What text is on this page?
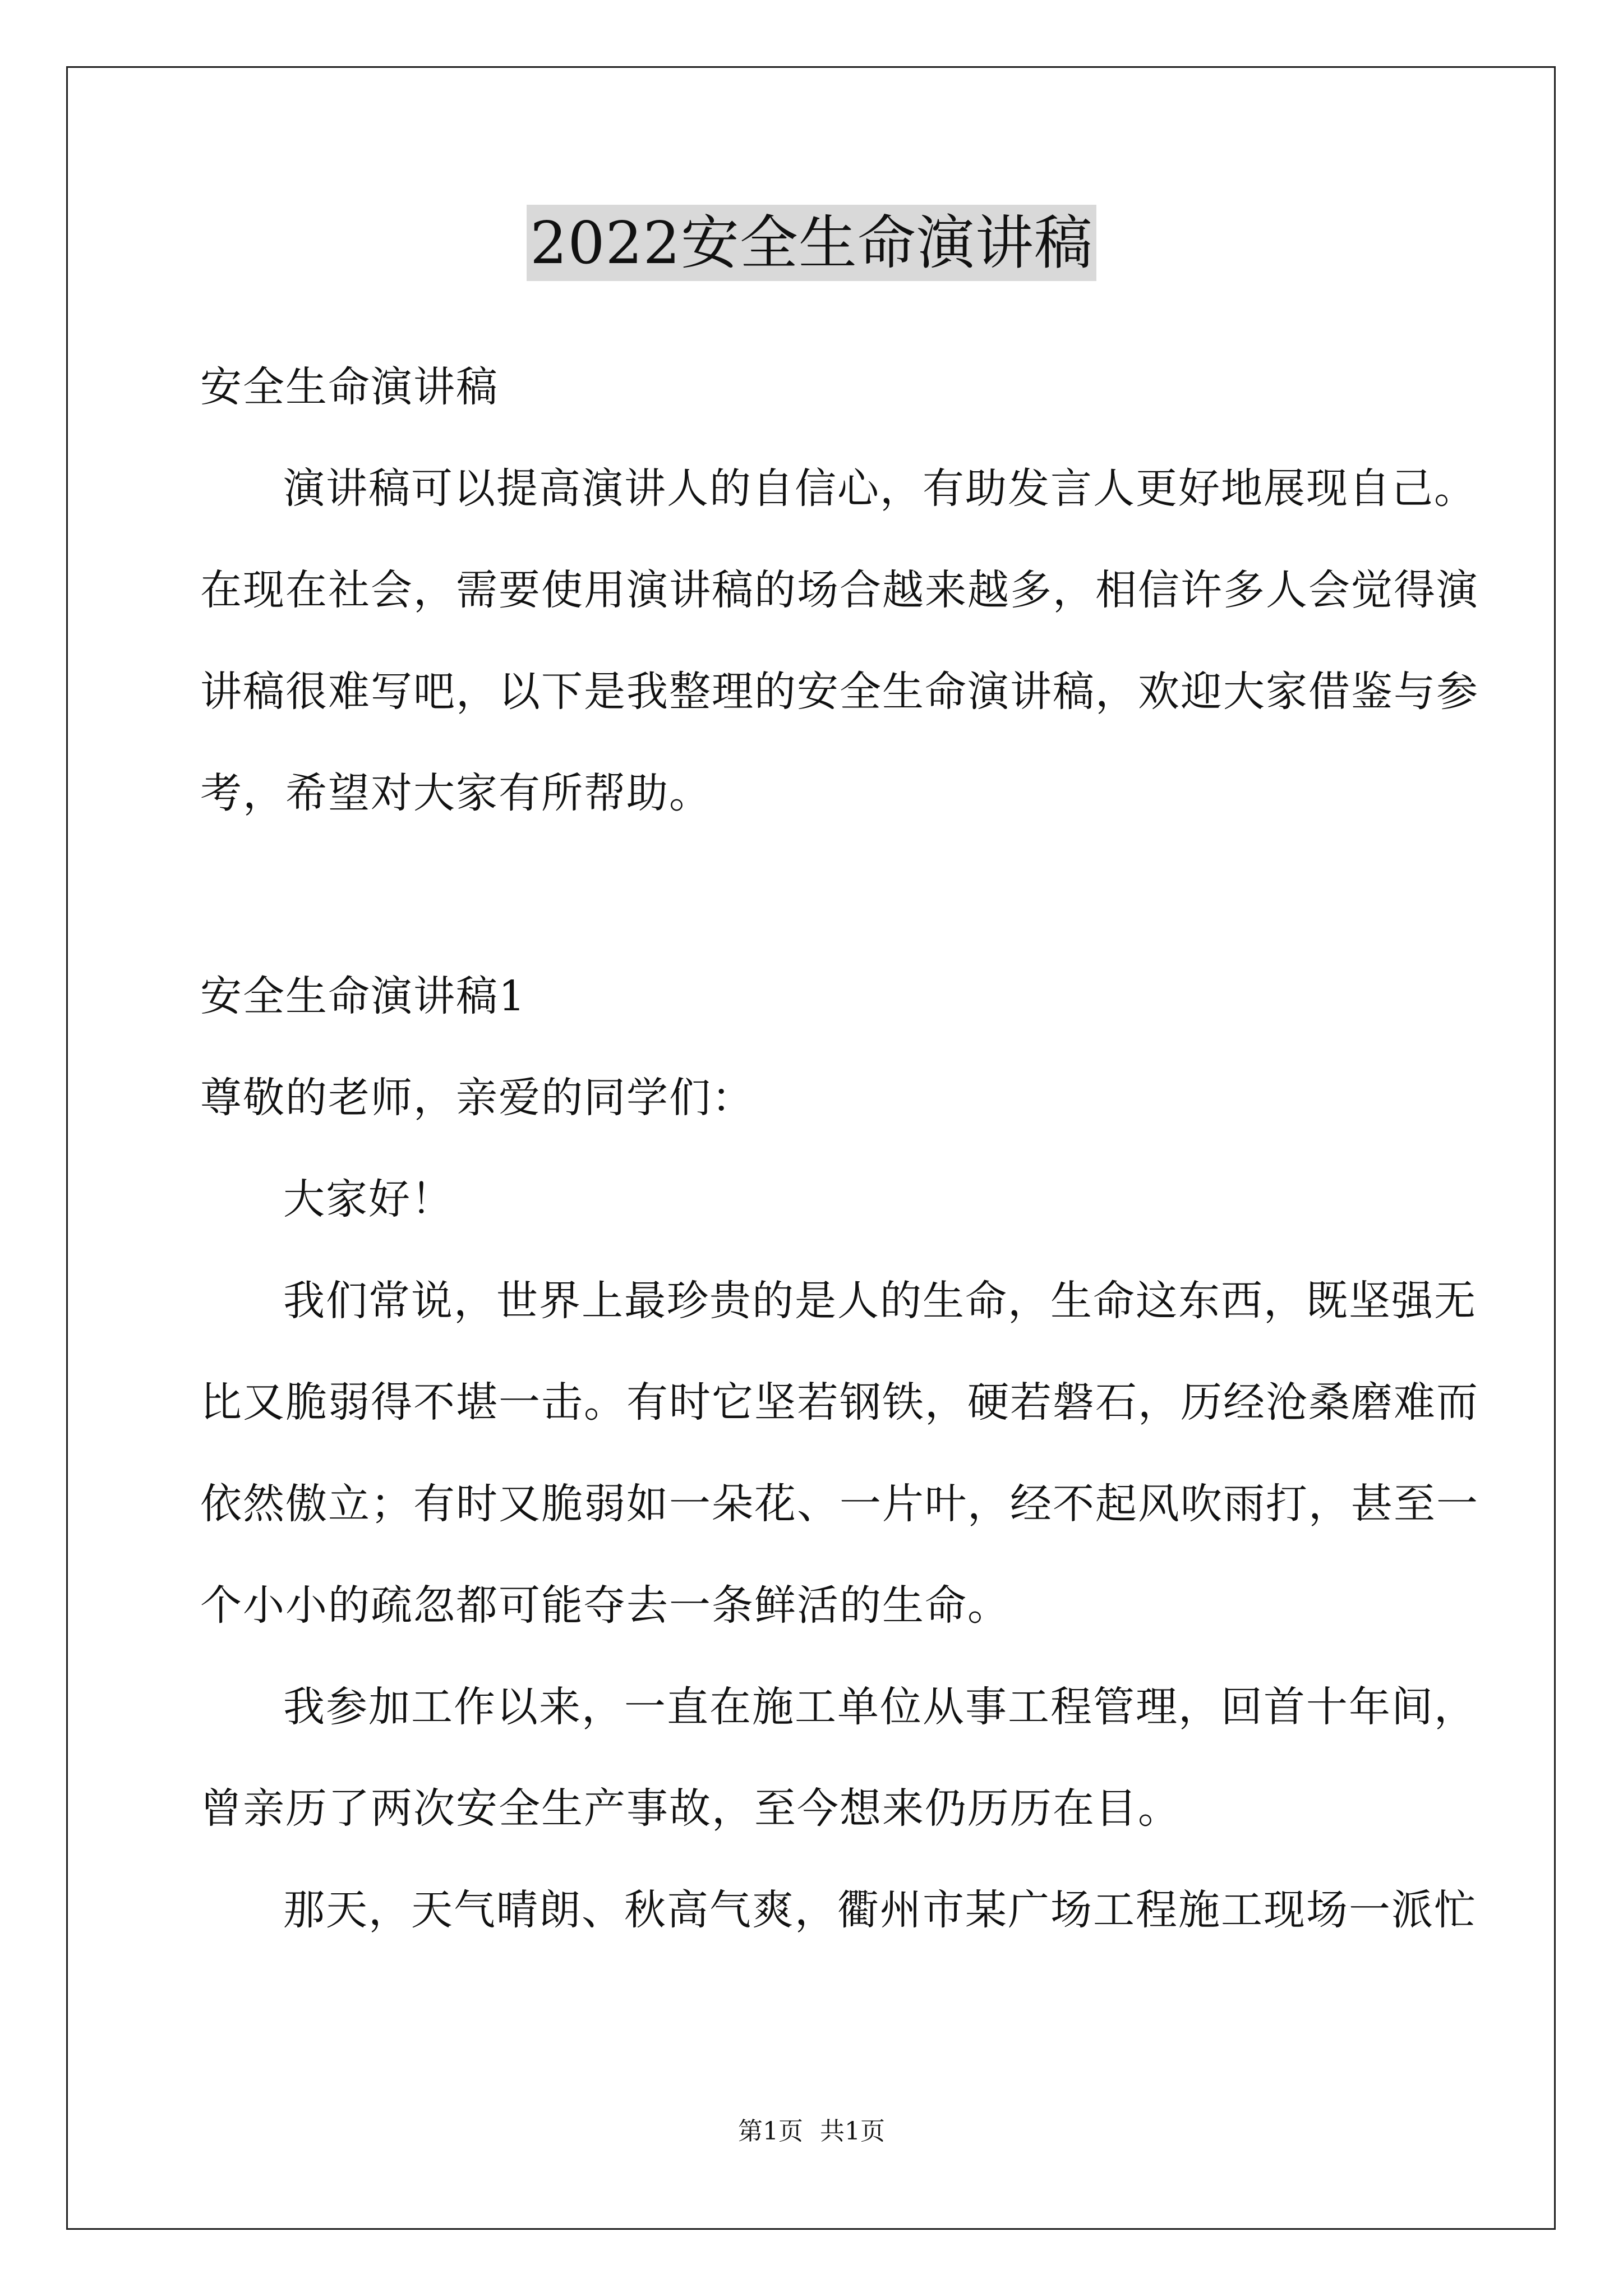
2022安全生命演讲稿
安全生命演讲稿
演讲稿可以提高演讲人的自信心，有助发言人更好地展现自己。
在现在社会，需要使用演讲稿的场合越来越多，相信许多人会觉得演
讲稿很难写吧，以下是我整理的安全生命演讲稿，欢迎大家借鉴与参
考，希望对大家有所帮助。
安全生命演讲稿1
尊敬的老师，亲爱的同学们：
大家好！
我们常说，世界上最珍贵的是人的生命，生命这东西，既坚强无
比又脆弱得不堪一击。有时它坚若钢铁，硬若磐石，历经沧桑磨难而
依然傲立；有时又脆弱如一朵花、一片叶，经不起风吹雨打，甚至一
个小小的疏忽都可能夺去一条鲜活的生命。
我参加工作以来，一直在施工单位从事工程管理，回首十年间，
曾亲历了两次安全生产事故，至今想来仍历历在目。
那天，天气晴朗、秋高气爽，衢州市某广场工程施工现场一派忙
第1页 共1页
